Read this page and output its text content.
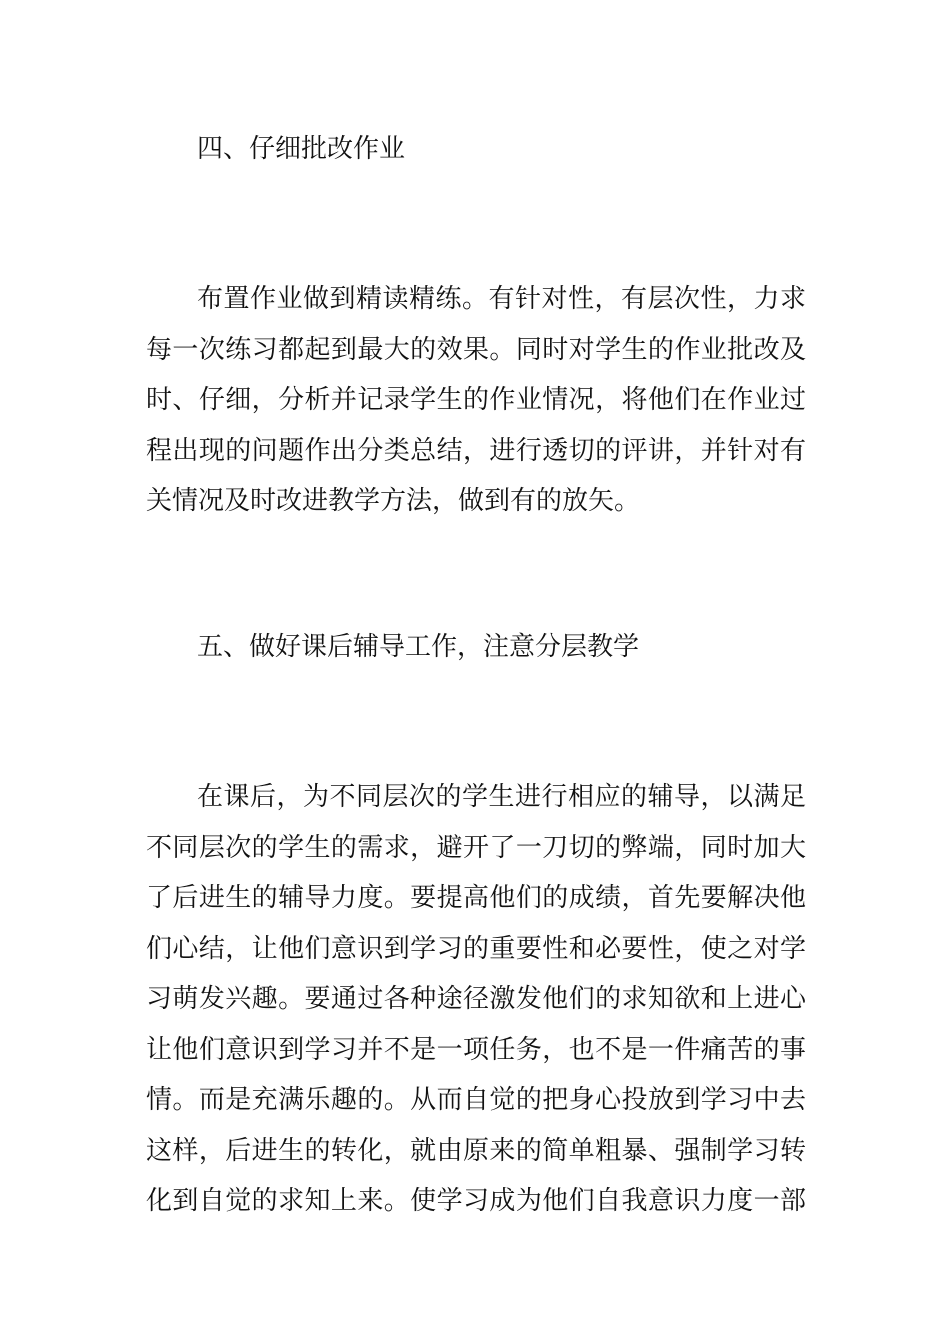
四、仔细批改作业
布置作业做到精读精练。有针对性，有层次性，力求
每一次练习都起到最大的效果。同时对学生的作业批改及
时、仔细，分析并记录学生的作业情况，将他们在作业过
程出现的问题作出分类总结，进行透切的评讲，并针对有
关情况及时改进教学方法，做到有的放矢。
五、做好课后辅导工作，注意分层教学
在课后，为不同层次的学生进行相应的辅导，以满足
不同层次的学生的需求，避开了一刀切的弊端，同时加大
了后进生的辅导力度。要提高他们的成绩，首先要解决他
们心结，让他们意识到学习的重要性和必要性，使之对学
习萌发兴趣。要通过各种途径激发他们的求知欲和上进心
让他们意识到学习并不是一项任务，也不是一件痛苦的事
情。而是充满乐趣的。从而自觉的把身心投放到学习中去
这样，后进生的转化，就由原来的简单粗暴、强制学习转
化到自觉的求知上来。使学习成为他们自我意识力度一部
